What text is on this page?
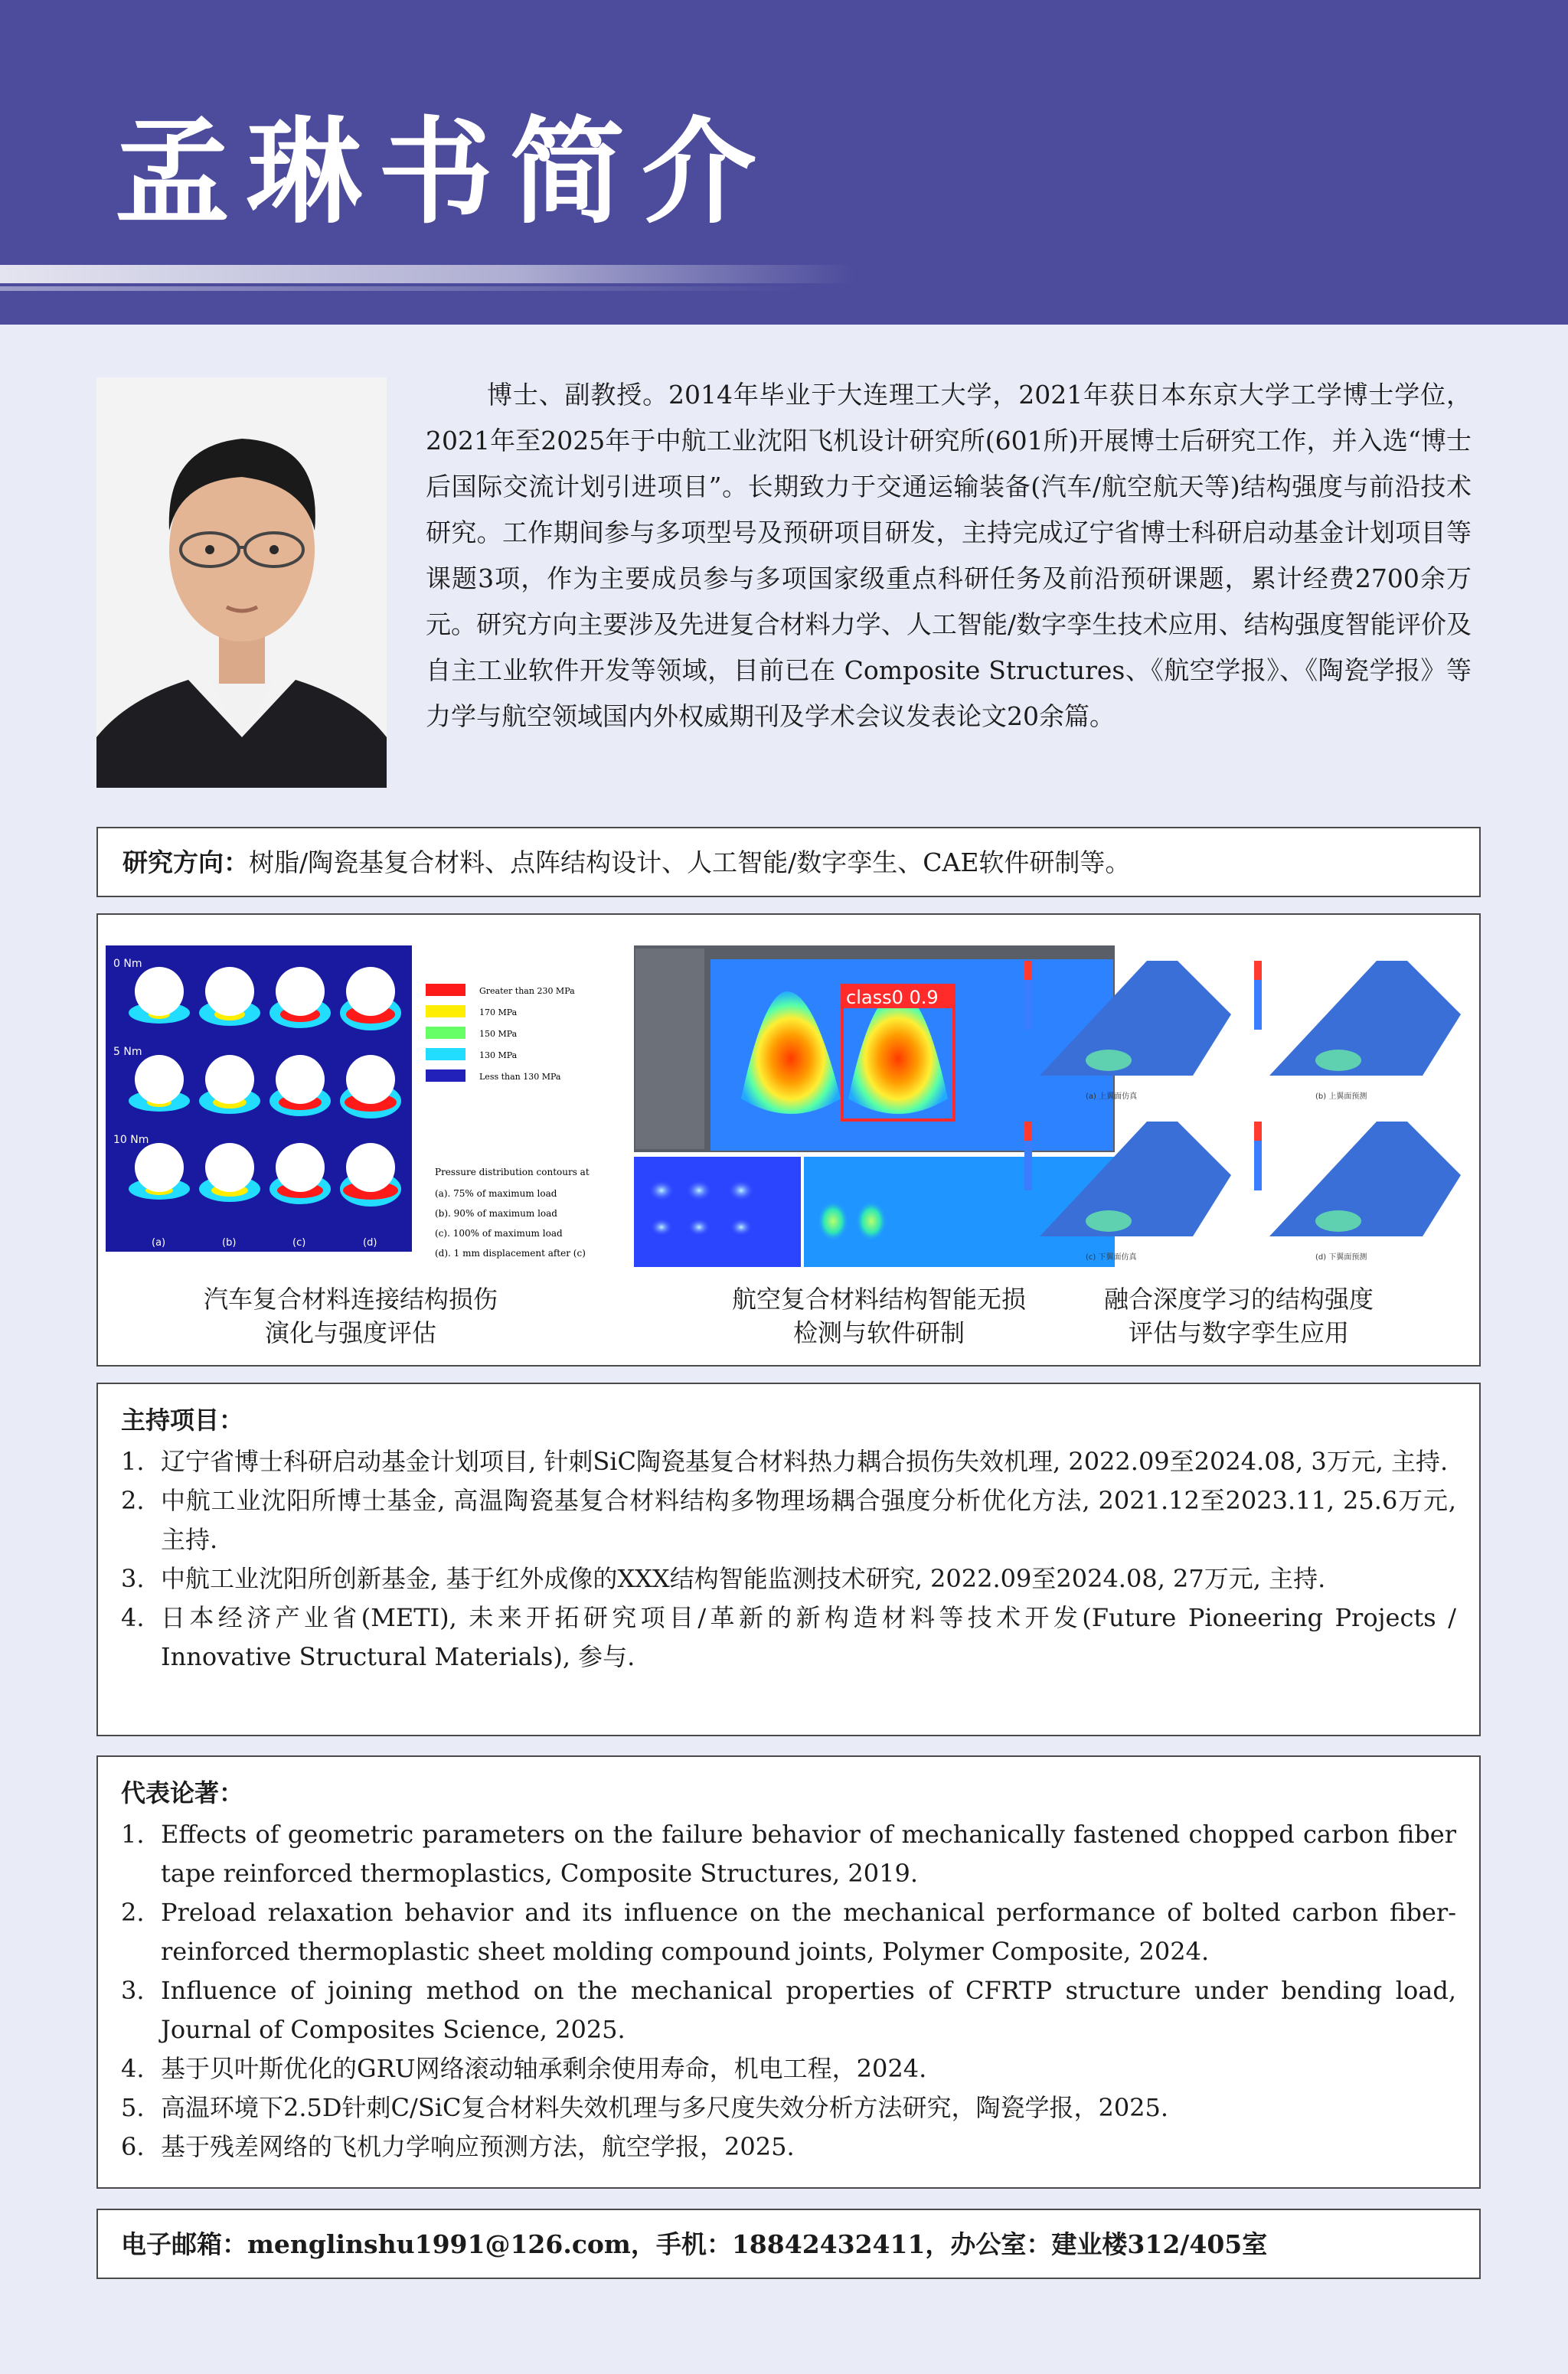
孟琳书简介
博士、副教授。2014年毕业于大连理工大学，2021年获日本东京大学工学博士学位，2021年至2025年于中航工业沈阳飞机设计研究所(601所)开展博士后研究工作，并入选“博士后国际交流计划引进项目”。长期致力于交通运输装备(汽车/航空航天等)结构强度与前沿技术研究。工作期间参与多项型号及预研项目研发，主持完成辽宁省博士科研启动基金计划项目等课题3项，作为主要成员参与多项国家级重点科研任务及前沿预研课题，累计经费2700余万元。研究方向主要涉及先进复合材料力学、人工智能/数字孪生技术应用、结构强度智能评价及自主工业软件开发等领域，目前已在 Composite Structures、《航空学报》、《陶瓷学报》等力学与航空领域国内外权威期刊及学术会议发表论文20余篇。
研究方向：树脂/陶瓷基复合材料、点阵结构设计、人工智能/数字孪生、CAE软件研制等。
0 Nm
5 Nm
10 Nm
(a)	(b)	(c)	(d)
Greater than 230 MPa
170 MPa
150 MPa
130 MPa
Less than 130 MPa
Pressure distribution contours at
(a). 75% of maximum load
(b). 90% of maximum load
(c). 100% of maximum load
(d). 1 mm displacement after (c)
汽车复合材料连接结构损伤
演化与强度评估
class0 0.9
航空复合材料结构智能无损
检测与软件研制
(a) 上翼面仿真	(b) 上翼面预测
(c) 下翼面仿真	(d) 下翼面预测
融合深度学习的结构强度
评估与数字孪生应用
主持项目：
1. 辽宁省博士科研启动基金计划项目, 针刺SiC陶瓷基复合材料热力耦合损伤失效机理, 2022.09至2024.08, 3万元, 主持.
2. 中航工业沈阳所博士基金, 高温陶瓷基复合材料结构多物理场耦合强度分析优化方法, 2021.12至2023.11, 25.6万元, 主持.
3. 中航工业沈阳所创新基金, 基于红外成像的XXX结构智能监测技术研究, 2022.09至2024.08, 27万元, 主持.
4. 日本经济产业省(METI), 未来开拓研究项目/革新的新构造材料等技术开发(Future Pioneering Projects / Innovative Structural Materials), 参与.
代表论著：
1. Effects of geometric parameters on the failure behavior of mechanically fastened chopped carbon fiber tape reinforced thermoplastics, Composite Structures, 2019.
2. Preload relaxation behavior and its influence on the mechanical performance of bolted carbon fiber-reinforced thermoplastic sheet molding compound joints, Polymer Composite, 2024.
3. Influence of joining method on the mechanical properties of CFRTP structure under bending load, Journal of Composites Science, 2025.
4. 基于贝叶斯优化的GRU网络滚动轴承剩余使用寿命，机电工程，2024.
5. 高温环境下2.5D针刺C/SiC复合材料失效机理与多尺度失效分析方法研究，陶瓷学报，2025.
6. 基于残差网络的飞机力学响应预测方法，航空学报，2025.
电子邮箱：menglinshu1991@126.com，手机：18842432411，办公室：建业楼312/405室
